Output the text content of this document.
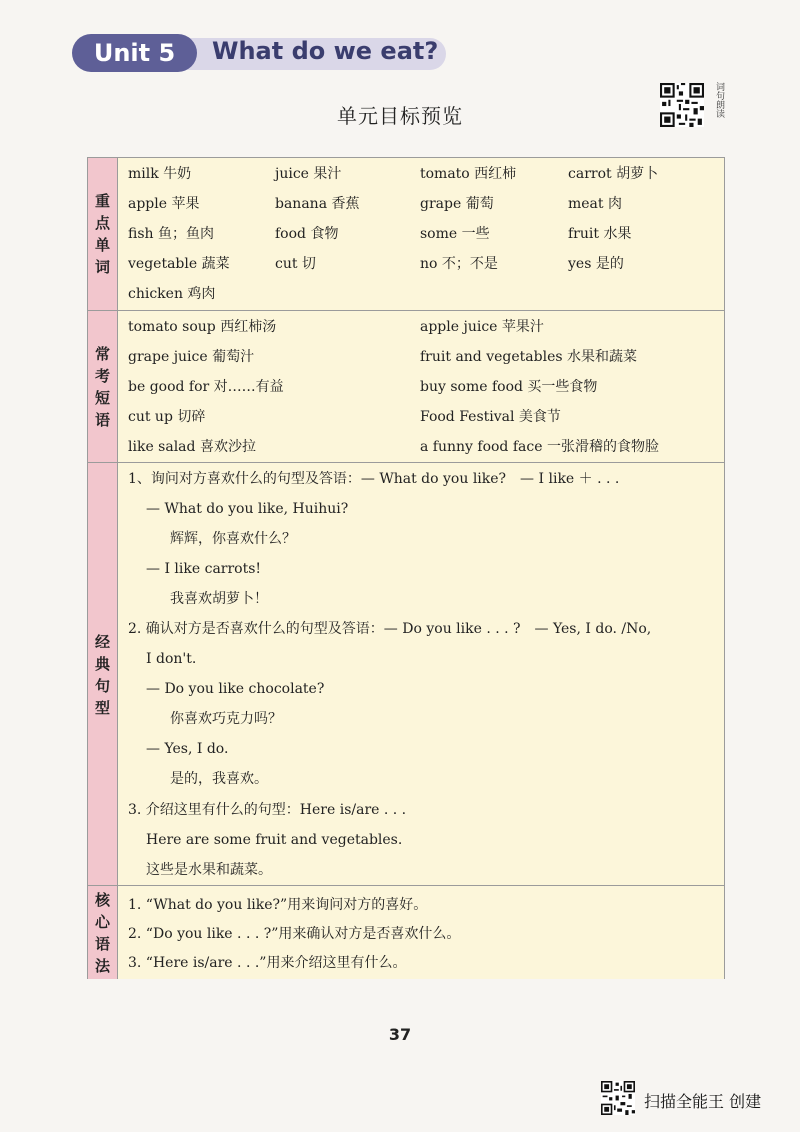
Unit 5	What do we eat?
单元目标预览	词句朗读
重点单词
milk 牛奶	juice 果汁	tomato 西红柿	carrot 胡萝卜
apple 苹果	banana 香蕉	grape 葡萄	meat 肉
fish 鱼；鱼肉	food 食物	some 一些	fruit 水果
vegetable 蔬菜	cut 切	no 不；不是	yes 是的
chicken 鸡肉
常考短语
tomato soup 西红柿汤	apple juice 苹果汁
grape juice 葡萄汁	fruit and vegetables 水果和蔬菜
be good for 对……有益	buy some food 买一些食物
cut up 切碎	Food Festival 美食节
like salad 喜欢沙拉	a funny food face 一张滑稽的食物脸
经典句型
1、询问对方喜欢什么的句型及答语：— What do you like?　— I like ＋ . . .
— What do you like, Huihui?
辉辉，你喜欢什么？
— I like carrots!
我喜欢胡萝卜！
2. 确认对方是否喜欢什么的句型及答语：— Do you like . . . ?　— Yes, I do. /No,
I don't.
— Do you like chocolate?
你喜欢巧克力吗？
— Yes, I do.
是的，我喜欢。
3. 介绍这里有什么的句型：Here is/are . . .
Here are some fruit and vegetables.
这些是水果和蔬菜。
核心语法
1. “What do you like?”用来询问对方的喜好。
2. “Do you like . . . ?”用来确认对方是否喜欢什么。
3. “Here is/are . . .”用来介绍这里有什么。
37
扫描全能王 创建
